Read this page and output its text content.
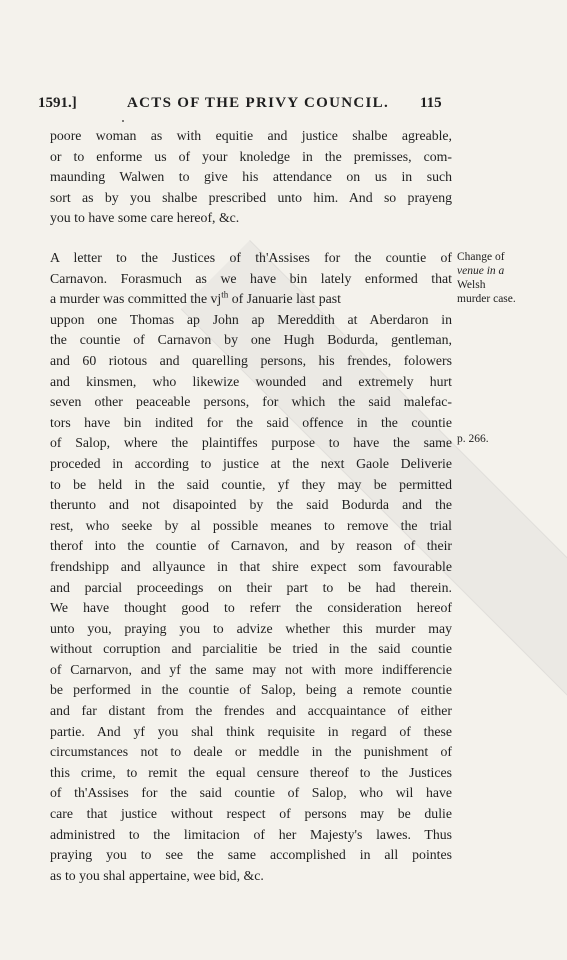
1591.]	ACTS OF THE PRIVY COUNCIL. 115
poore woman as with equitie and justice shalbe agreable,
or to enforme us of your knoledge in the premisses, com-
maunding Walwen to give his attendance on us in such
sort as by you shalbe prescribed unto him. And so prayeng
you to have some care hereof, &c.
A letter to the Justices of th'Assises for the countie of
Carnavon. Forasmuch as we have bin lately enformed that
a murder was committed the $vj^{th}$ of Januarie last past
uppon one Thomas ap John ap Mereddith at Aberdaron in
the countie of Carnavon by one Hugh Bodurda, gentleman,
and 60 riotous and quarelling persons, his frendes, folowers
and kinsmen, who likewize wounded and extremely hurt
seven other peaceable persons, for which the said malefac-
tors have bin indited for the said offence in the countie
of Salop, where the plaintiffes purpose to have the same
proceded in according to justice at the next Gaole Deliverie
to be held in the said countie, yf they may be permitted
therunto and not disapointed by the said Bodurda and the
rest, who seeke by al possible meanes to remove the trial
therof into the countie of Carnavon, and by reason of their
frendshipp and allyaunce in that shire expect som favourable
and parcial proceedings on their part to be had therein.
We have thought good to referr the consideration hereof
unto you, praying you to advize whether this murder may
without corruption and parcialitie be tried in the said countie
of Carnarvon, and yf the same may not with more indifferencie
be performed in the countie of Salop, being a remote countie
and far distant from the frendes and accquaintance of either
partie. And yf you shal think requisite in regard of these
circumstances not to deale or meddle in the punishment of
this crime, to remit the equal censure thereof to the Justices
of th'Assises for the said countie of Salop, who wil have
care that justice without respect of persons may be dulie
administred to the limitacion of her Majesty's lawes. Thus
praying you to see the same accomplished in all pointes
as to you shal appertaine, wee bid, &c.
Change of
venue in a
Welsh
murder case.
p. 266.
